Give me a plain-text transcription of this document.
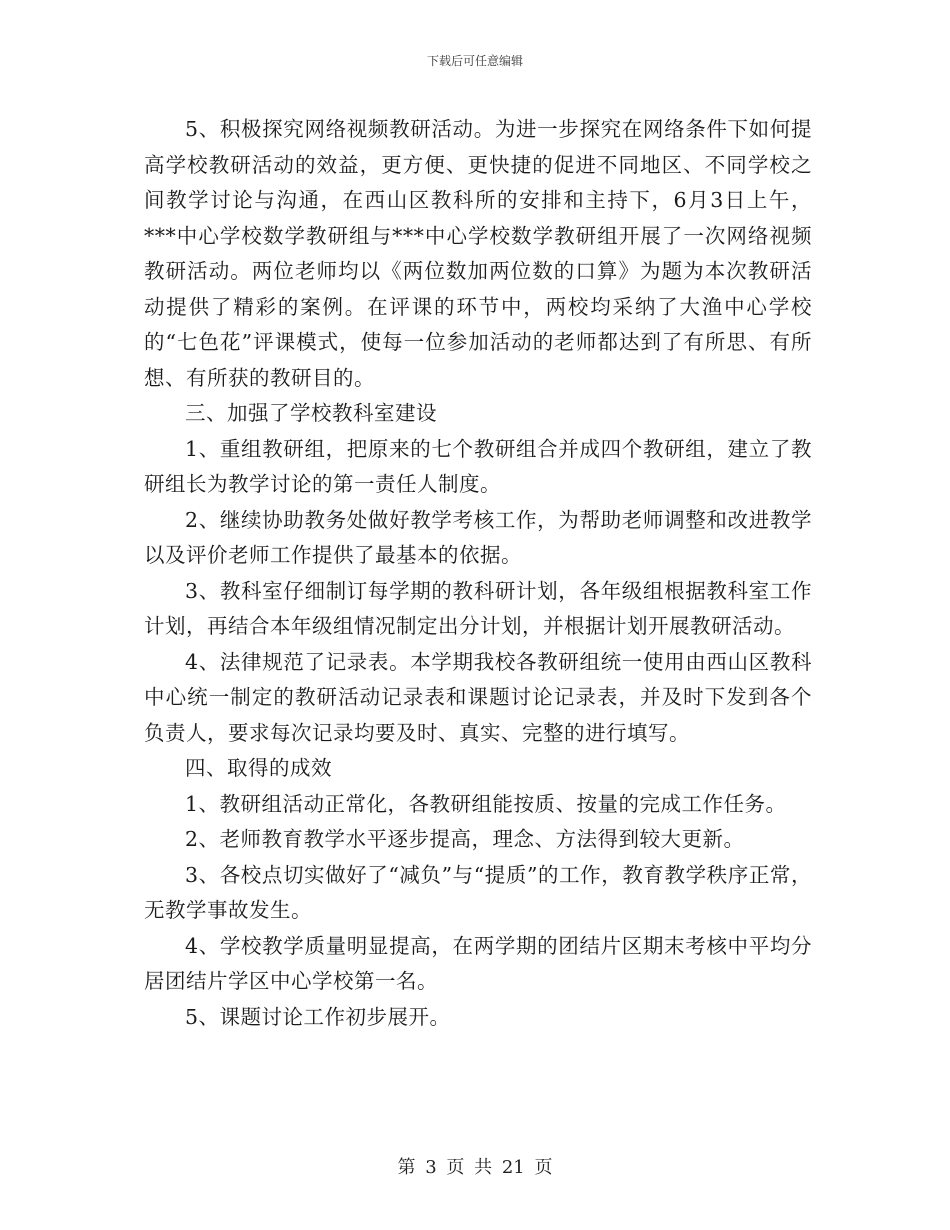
下载后可任意编辑

5、积极探究网络视频教研活动。为进一步探究在网络条件下如何提高学校教研活动的效益，更方便、更快捷的促进不同地区、不同学校之间教学讨论与沟通，在西山区教科所的安排和主持下，6月3日上午，***中心学校数学教研组与***中心学校数学教研组开展了一次网络视频教研活动。两位老师均以《两位数加两位数的口算》为题为本次教研活动提供了精彩的案例。在评课的环节中，两校均采纳了大渔中心学校的“七色花”评课模式，使每一位参加活动的老师都达到了有所思、有所想、有所获的教研目的。

三、加强了学校教科室建设

1、重组教研组，把原来的七个教研组合并成四个教研组，建立了教研组长为教学讨论的第一责任人制度。

2、继续协助教务处做好教学考核工作，为帮助老师调整和改进教学以及评价老师工作提供了最基本的依据。

3、教科室仔细制订每学期的教科研计划，各年级组根据教科室工作计划，再结合本年级组情况制定出分计划，并根据计划开展教研活动。

4、法律规范了记录表。本学期我校各教研组统一使用由西山区教科中心统一制定的教研活动记录表和课题讨论记录表，并及时下发到各个负责人，要求每次记录均要及时、真实、完整的进行填写。

四、取得的成效

1、教研组活动正常化，各教研组能按质、按量的完成工作任务。

2、老师教育教学水平逐步提高，理念、方法得到较大更新。

3、各校点切实做好了“减负”与“提质”的工作，教育教学秩序正常，无教学事故发生。

4、学校教学质量明显提高，在两学期的团结片区期末考核中平均分居团结片学区中心学校第一名。

5、课题讨论工作初步展开。

第 3 页 共 21 页
